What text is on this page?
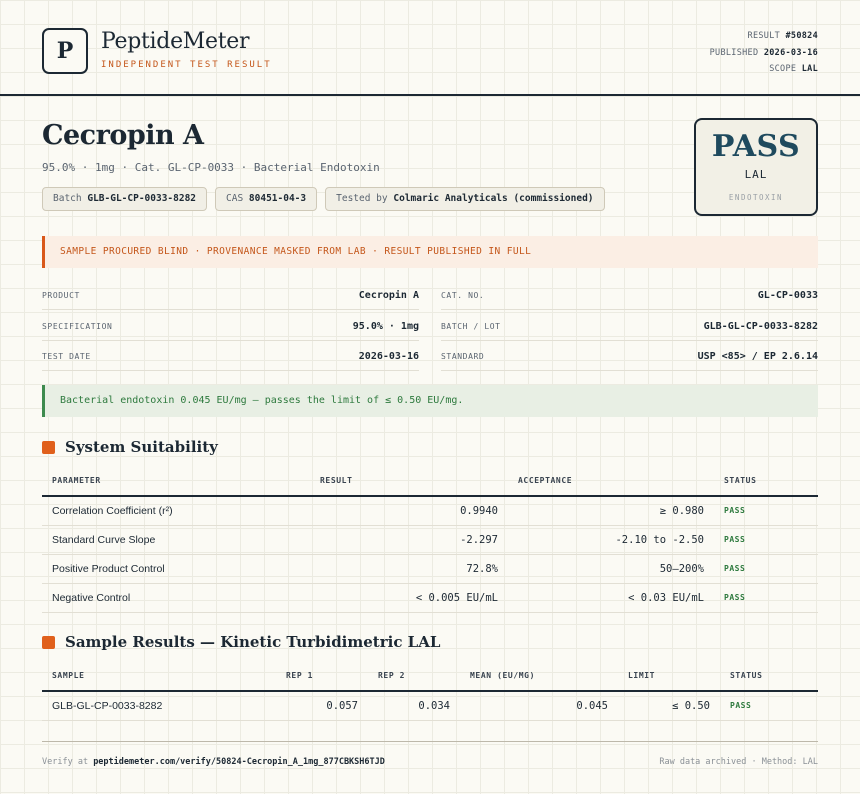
P	PeptideMeter
INDEPENDENT TEST RESULT
RESULT #50824
PUBLISHED 2026-03-16
SCOPE LAL
Cecropin A
95.0% · 1mg · Cat. GL-CP-0033 · Bacterial Endotoxin
Batch GLB-GL-CP-0033-8282	CAS 80451-04-3	Tested by Colmaric Analyticals (commissioned)
PASS
LAL
ENDOTOXIN
SAMPLE PROCURED BLIND · PROVENANCE MASKED FROM LAB · RESULT PUBLISHED IN FULL
PRODUCT	Cecropin A
SPECIFICATION	95.0% · 1mg
TEST DATE	2026-03-16
CAT. NO.	GL-CP-0033
BATCH / LOT	GLB-GL-CP-0033-8282
STANDARD	USP <85> / EP 2.6.14
Bacterial endotoxin 0.045 EU/mg — passes the limit of ≤ 0.50 EU/mg.
System Suitability
PARAMETER	RESULT	ACCEPTANCE	STATUS
Correlation Coefficient (r²)	0.9940	≥ 0.980	PASS
Standard Curve Slope	-2.297	-2.10 to -2.50	PASS
Positive Product Control	72.8%	50–200%	PASS
Negative Control	< 0.005 EU/mL	< 0.03 EU/mL	PASS
Sample Results — Kinetic Turbidimetric LAL
SAMPLE	REP 1	REP 2	MEAN (EU/MG)	LIMIT	STATUS
GLB-GL-CP-0033-8282	0.057	0.034	0.045	≤ 0.50	PASS
Verify at peptidemeter.com/verify/50824-Cecropin_A_1mg_877CBKSH6TJD	Raw data archived · Method: LAL
